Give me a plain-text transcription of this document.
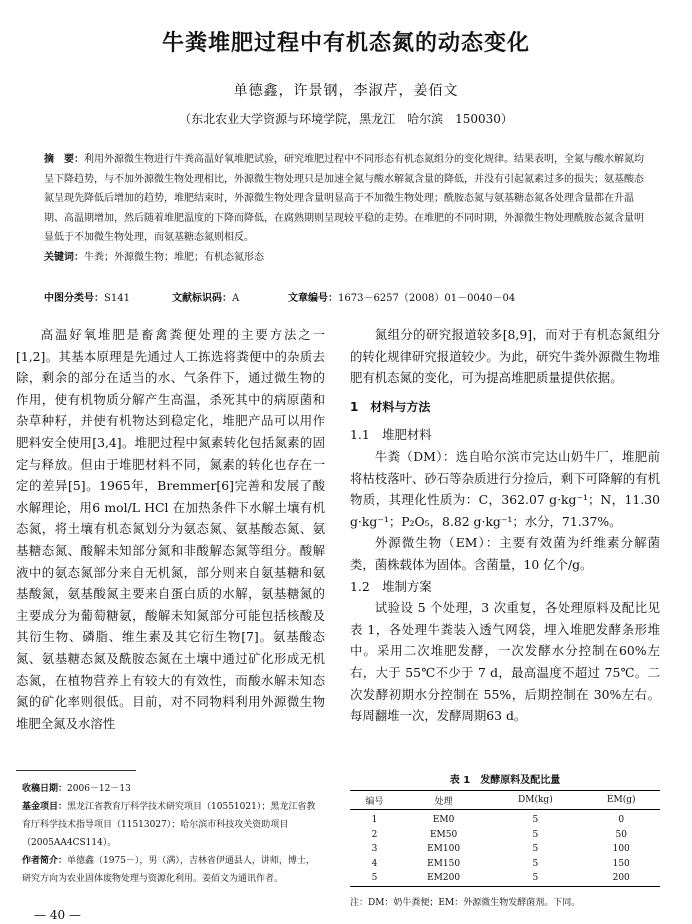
牛粪堆肥过程中有机态氮的动态变化
单德鑫，许景钢，李淑芹，姜佰文
（东北农业大学资源与环境学院，黑龙江　哈尔滨　150030）

摘　要：利用外源微生物进行牛粪高温好氧堆肥试验，研究堆肥过程中不同形态有机态氮组分的变化规律。结果表明，全氮与酸水解氮均呈下降趋势，与不加外源微生物处理相比，外源微生物处理只是加速全氮与酸水解氮含量的降低，并没有引起氮素过多的损失；氨基酸态氮呈现先降低后增加的趋势，堆肥结束时，外源微生物处理含量明显高于不加微生物处理；酰胺态氮与氨基糖态氮各处理含量都在升温期、高温期增加，然后随着堆肥温度的下降而降低，在腐熟期则呈现较平稳的走势。在堆肥的不同时期，外源微生物处理酰胺态氮含量明显低于不加微生物处理，而氨基糖态氮则相反。

关键词：牛粪；外源微生物；堆肥；有机态氮形态

中图分类号：S141	文献标识码：A	文章编号：1673－6257（2008）01－0040－04

高温好氧堆肥是畜禽粪便处理的主要方法之一[1,2]。其基本原理是先通过人工拣选将粪便中的杂质去除，剩余的部分在适当的水、气条件下，通过微生物的作用，使有机物质分解产生高温，杀死其中的病原菌和杂草种籽，并使有机物达到稳定化，堆肥产品可以用作肥料安全使用[3,4]。堆肥过程中氮素转化包括氮素的固定与释放。但由于堆肥材料不同，氮素的转化也存在一定的差异[5]。1965年，Bremmer[6]完善和发展了酸水解理论，用6 mol/L HCl 在加热条件下水解土壤有机态氮，将土壤有机态氮划分为氨态氮、氨基酸态氮、氨基糖态氮、酸解未知部分氮和非酸解态氮等组分。酸解液中的氨态氮部分来自无机氮，部分则来自氨基糖和氨基酸氮，氨基酸氮主要来自蛋白质的水解，氨基糖氮的主要成分为葡萄糖氨，酸解未知氮部分可能包括核酸及其衍生物、磷脂、维生素及其它衍生物[7]。氨基酸态氮、氨基糖态氮及酰胺态氮在土壤中通过矿化形成无机态氮，在植物营养上有较大的有效性，而酸水解未知态氮的矿化率则很低。目前，对不同物料利用外源微生物堆肥全氮及水溶性

氮组分的研究报道较多[8,9]，而对于有机态氮组分的转化规律研究报道较少。为此，研究牛粪外源微生物堆肥有机态氮的变化，可为提高堆肥质量提供依据。

1　材料与方法

1.1　堆肥材料

牛粪（DM）：选自哈尔滨市完达山奶牛厂，堆肥前将枯枝落叶、砂石等杂质进行分捡后，剩下可降解的有机物质，其理化性质为：C，362.07 g·kg⁻¹；N，11.30 g·kg⁻¹；P₂O₅，8.82 g·kg⁻¹；水分，71.37%。

外源微生物（EM）：主要有效菌为纤维素分解菌类，菌株载体为固体。含菌量，10 亿个/g。

1.2　堆制方案

试验设 5 个处理，3 次重复，各处理原料及配比见表 1，各处理牛粪装入透气网袋，埋入堆肥发酵条形堆中。采用二次堆肥发酵，一次发酵水分控制在60%左右，大于 55℃不少于 7 d，最高温度不超过 75℃。二次发酵初期水分控制在 55%，后期控制在 30%左右。每周翻堆一次，发酵周期63 d。

表 1　发酵原料及配比量
编号	处理	DM(kg)	EM(g)
1	EM0	5	0
2	EM50	5	50
3	EM100	5	100
4	EM150	5	150
5	EM200	5	200
注：DM：奶牛粪便；EM：外源微生物发酵菌剂。下同。
收稿日期：2006－12－13
基金项目：黑龙江省教育厅科学技术研究项目（10551021）；黑龙江省教育厅科学技术指导项目（11513027）；哈尔滨市科技攻关资助项目（2005AA4CS114）。
作者简介：单德鑫（1975－），男（满），吉林省伊通县人，讲师，博士，研究方向为农业固体废物处理与资源化利用。姜佰文为通讯作者。
— 40 —
